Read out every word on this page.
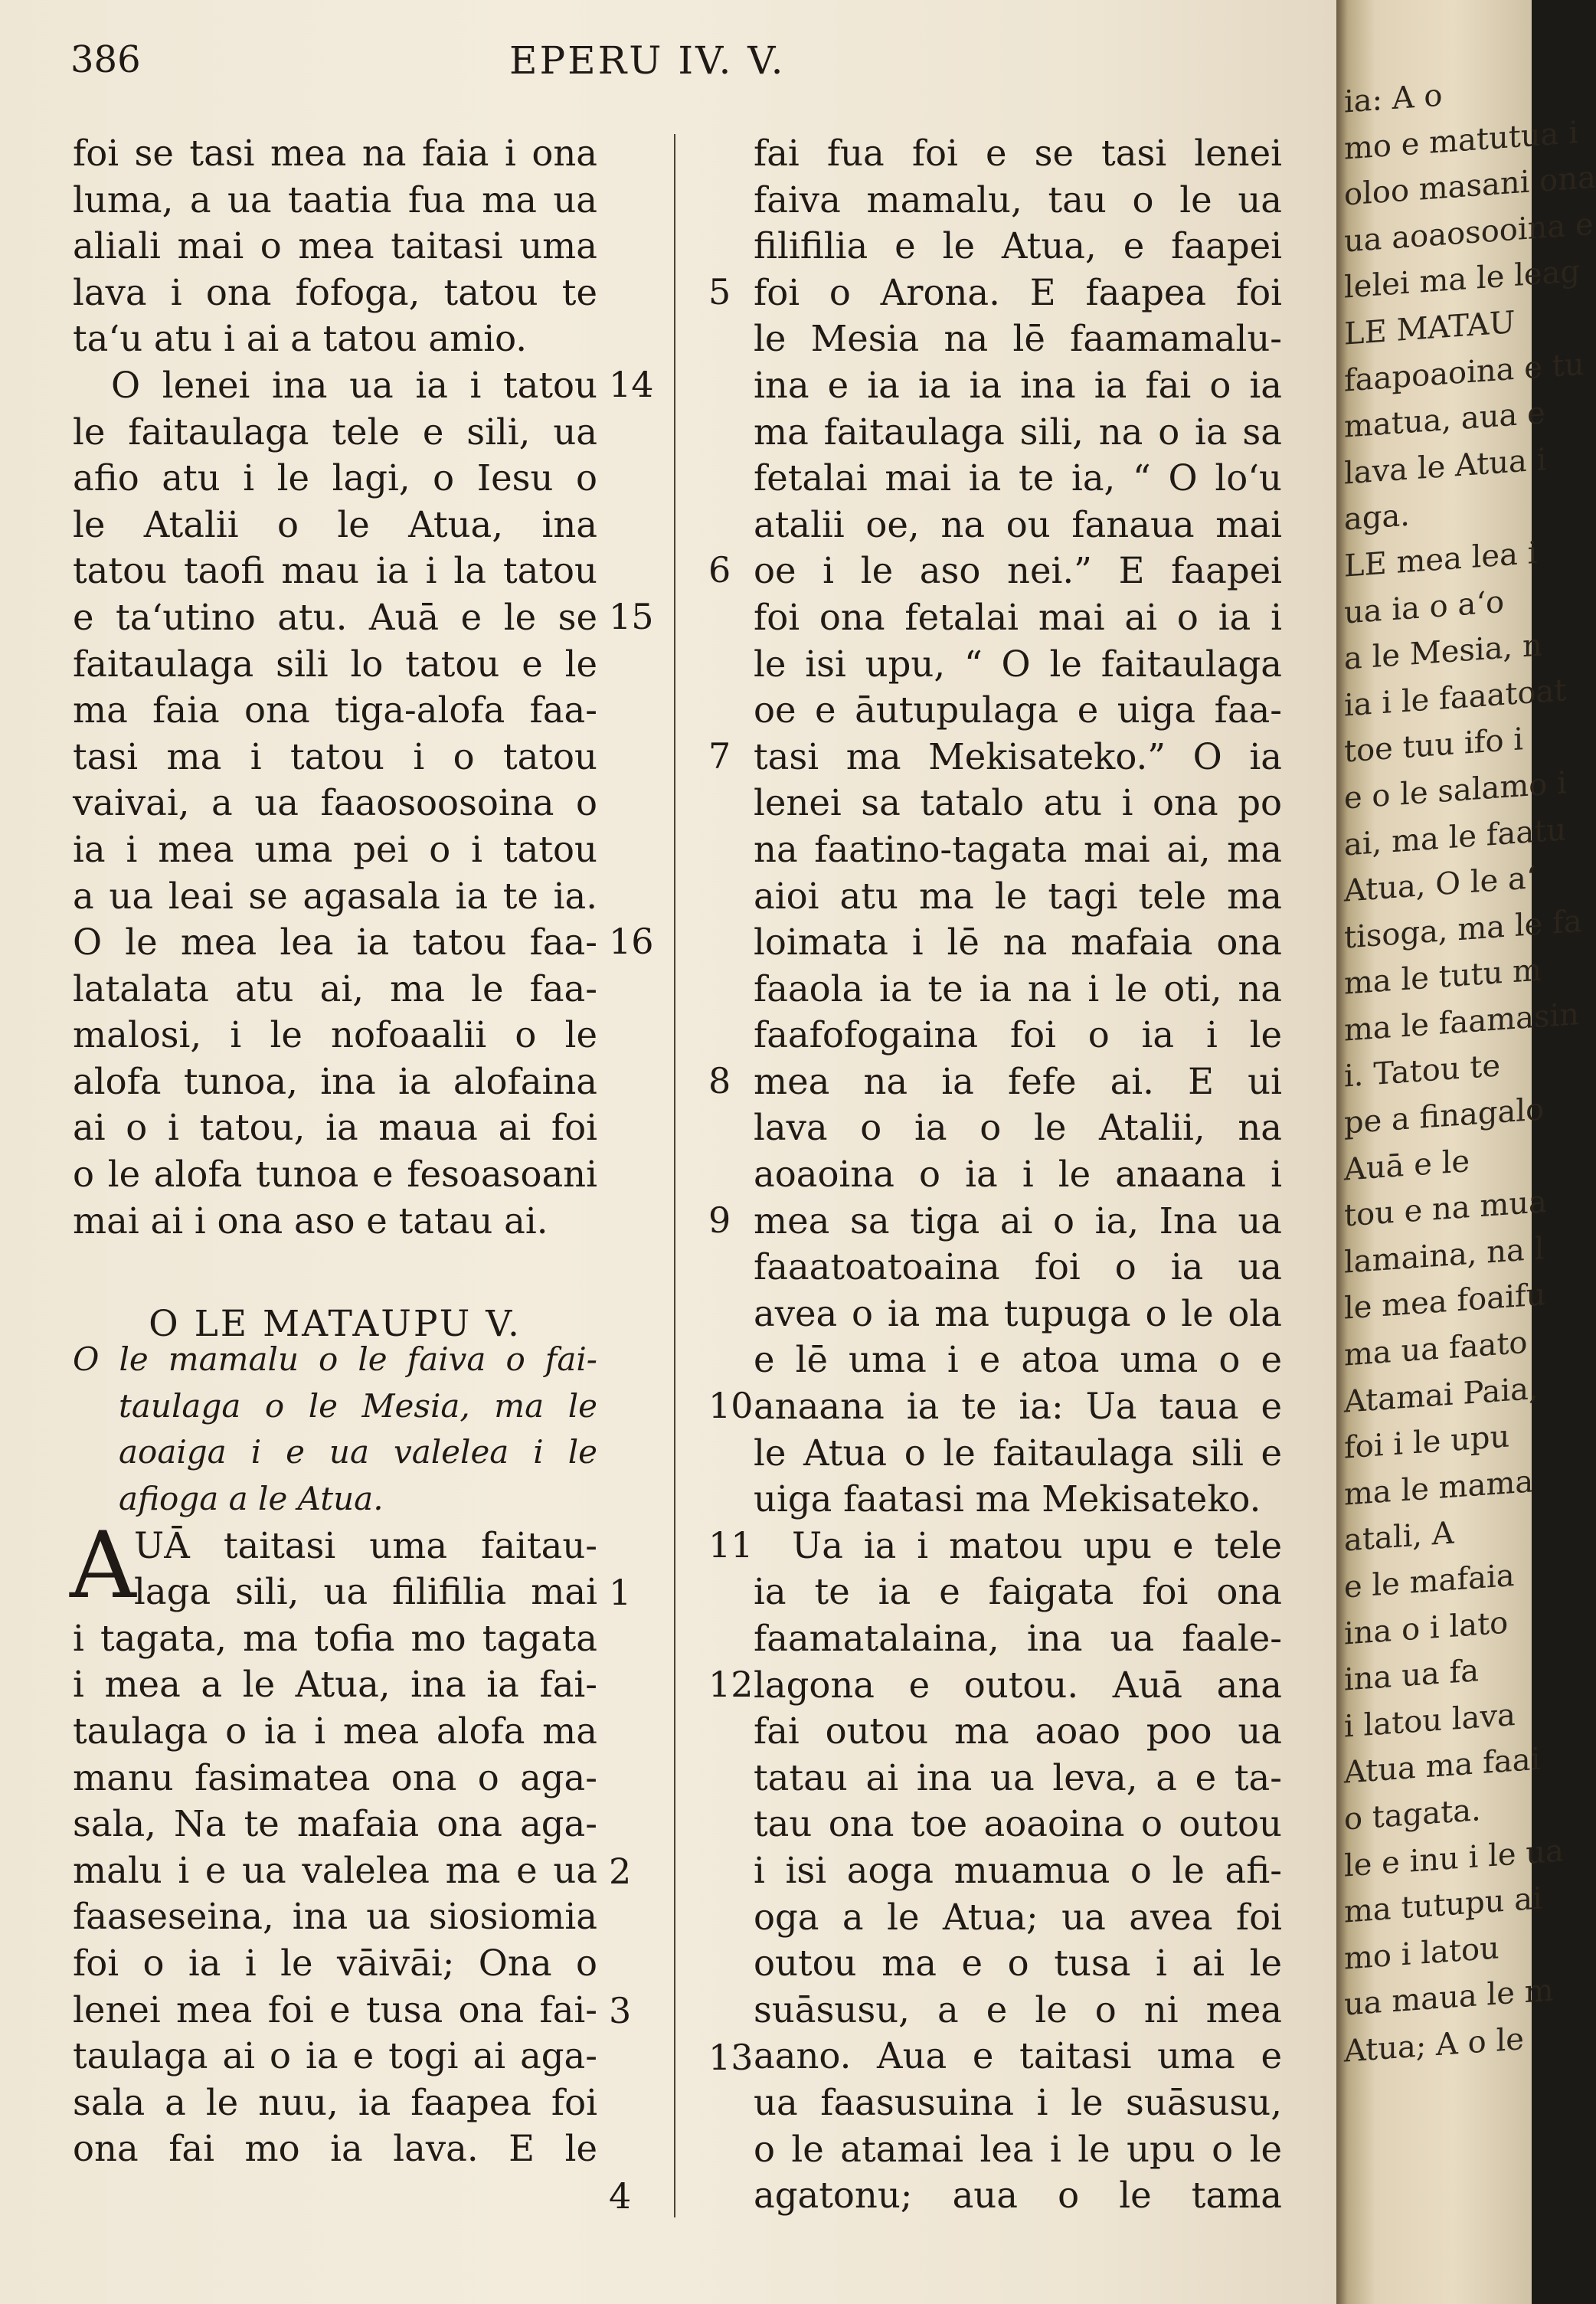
386	EPERU IV. V.
foi se tasi mea na faia i ona
luma, a ua taatia fua ma ua
aliali mai o mea taitasi uma
lava i ona fofoga, tatou te
ta‘u atu i ai a tatou amio.
O lenei ina ua ia i tatou
le faitaulaga tele e sili, ua
afio atu i le lagi, o Iesu o
le Atalii o le Atua, ina
tatou taofi mau ia i la tatou
e ta‘utino atu. Auā e le se
faitaulaga sili lo tatou e le
ma faia ona tiga-alofa faa-
tasi ma i tatou i o tatou
vaivai, a ua faaosoosoina o
ia i mea uma pei o i tatou
a ua leai se agasala ia te ia.
O le mea lea ia tatou faa-
latalata atu ai, ma le faa-
malosi, i le nofoaalii o le
alofa tunoa, ina ia alofaina
ai o i tatou, ia maua ai foi
o le alofa tunoa e fesoasoani
mai ai i ona aso e tatau ai.
O LE MATAUPU V.
O le mamalu o le faiva o fai-
taulaga o le Mesia, ma le
aoaiga i e ua valelea i le
afioga a le Atua.
A
UĀ taitasi uma faitau-
laga sili, ua filifilia mai
i tagata, ma tofia mo tagata
i mea a le Atua, ina ia fai-
taulaga o ia i mea alofa ma
manu fasimatea ona o aga-
sala, Na te mafaia ona aga-
malu i e ua valelea ma e ua
faaseseina, ina ua siosiomia
foi o ia i le vāivāi; Ona o
lenei mea foi e tusa ona fai-
taulaga ai o ia e togi ai aga-
sala a le nuu, ia faapea foi
ona fai mo ia lava. E le
14
15
16
1
2
3
4
fai fua foi e se tasi lenei
faiva mamalu, tau o le ua
filifilia e le Atua, e faapei
foi o Arona. E faapea foi
le Mesia na lē faamamalu-
ina e ia ia ia ina ia fai o ia
ma faitaulaga sili, na o ia sa
fetalai mai ia te ia, “ O lo‘u
atalii oe, na ou fanaua mai
oe i le aso nei.” E faapei
foi ona fetalai mai ai o ia i
le isi upu, “ O le faitaulaga
oe e āutupulaga e uiga faa-
tasi ma Mekisateko.” O ia
lenei sa tatalo atu i ona po
na faatino-tagata mai ai, ma
aioi atu ma le tagi tele ma
loimata i lē na mafaia ona
faaola ia te ia na i le oti, na
faafofogaina foi o ia i le
mea na ia fefe ai. E ui
lava o ia o le Atalii, na
aoaoina o ia i le anaana i
mea sa tiga ai o ia, Ina ua
faaatoatoaina foi o ia ua
avea o ia ma tupuga o le ola
e lē uma i e atoa uma o e
anaana ia te ia: Ua taua e
le Atua o le faitaulaga sili e
uiga faatasi ma Mekisateko.
Ua ia i matou upu e tele
ia te ia e faigata foi ona
faamatalaina, ina ua faale-
lagona e outou. Auā ana
fai outou ma aoao poo ua
tatau ai ina ua leva, a e ta-
tau ona toe aoaoina o outou
i isi aoga muamua o le afi-
oga a le Atua; ua avea foi
outou ma e o tusa i ai le
suāsusu, a e le o ni mea
aano. Aua e taitasi uma e
ua faasusuina i le suāsusu,
o le atamai lea i le upu o le
agatonu; aua o le tama
5
6
7
8
9
10
11
12
13
ia: A o
mo e matutua i
oloo masani ona
ua aoaosooina e
lelei ma le leag
LE MATAU
faapoaoina e tu
matua, aua e
lava le Atua i
aga.
LE mea lea i
ua ia o a‘o
a le Mesia, n
ia i le faaatoat
toe tuu ifo i
e o le salamo i
ai, ma le faatu
Atua, O le a‘
tisoga, ma le fa
ma le tutu m
ma le faamasin
i. Tatou te
pe a finagalo
Auā e le
tou e na mua
lamaina, na l
le mea foaifu
ma ua faato
Atamai Paia,
foi i le upu
ma le mama
atali, A
e le mafaia
ina o i lato
ina ua fa
i latou lava
Atua ma faai
o tagata.
le e inu i le ua
ma tutupu ai
mo i latou
ua maua le m
Atua; A o le
